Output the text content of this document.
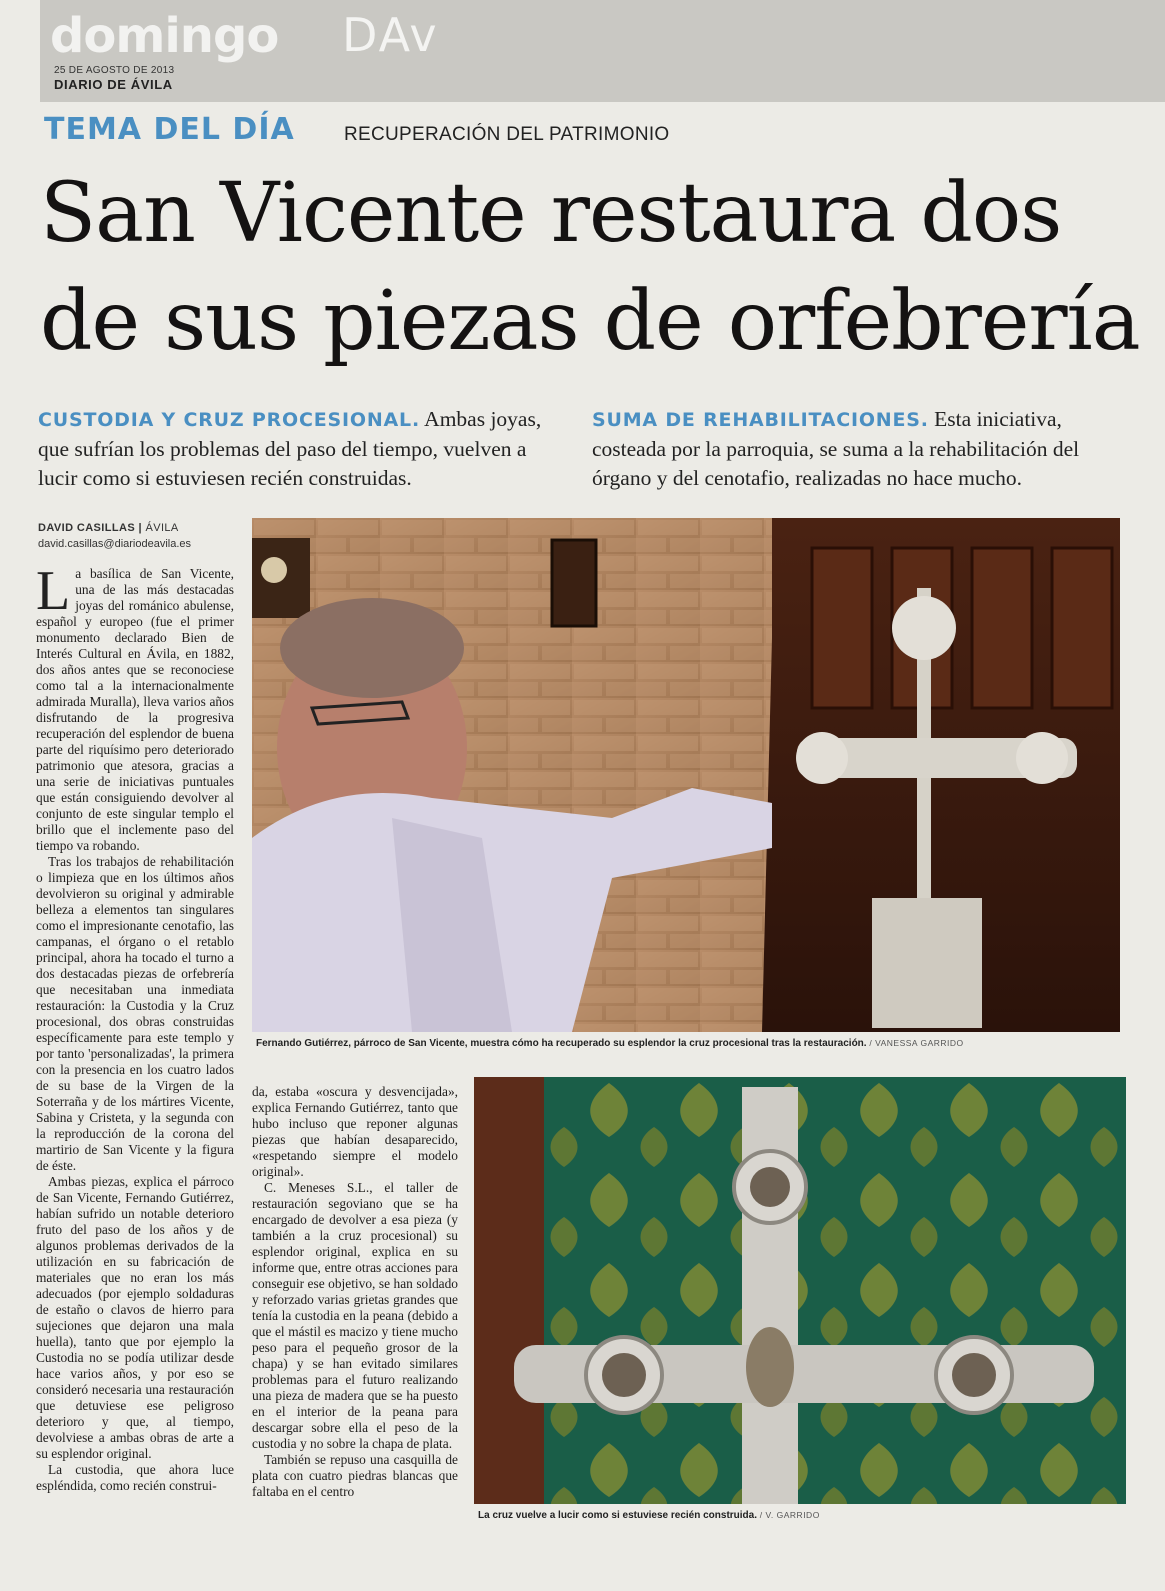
domingo DAv
25 DE AGOSTO DE 2013
DIARIO DE ÁVILA
TEMA DEL DÍA	RECUPERACIÓN DEL PATRIMONIO
San Vicente restaura dos
de sus piezas de orfebrería
CUSTODIA Y CRUZ PROCESIONAL. Ambas joyas, que sufrían los problemas del paso del tiempo, vuelven a lucir como si estuviesen recién construidas.
SUMA DE REHABILITACIONES. Esta iniciativa, costeada por la parroquia, se suma a la rehabilitación del órgano y del cenotafio, realizadas no hace mucho.
DAVID CASILLAS | ÁVILA
david.casillas@diariodeavila.es

La basílica de San Vicente, una de las más destacadas joyas del románico abulense, español y europeo (fue el primer monumento declarado Bien de Interés Cultural en Ávila, en 1882, dos años antes que se reconociese como tal a la internacionalmente admirada Muralla), lleva varios años disfrutando de la progresiva recuperación del esplendor de buena parte del riquísimo pero deteriorado patrimonio que atesora, gracias a una serie de iniciativas puntuales que están consiguiendo devolver al conjunto de este singular templo el brillo que el inclemente paso del tiempo va robando.

Tras los trabajos de rehabilitación o limpieza que en los últimos años devolvieron su original y admirable belleza a elementos tan singulares como el impresionante cenotafio, las campanas, el órgano o el retablo principal, ahora ha tocado el turno a dos destacadas piezas de orfebrería que necesitaban una inmediata restauración: la Custodia y la Cruz procesional, dos obras construidas específicamente para este templo y por tanto 'personalizadas', la primera con la presencia en los cuatro lados de su base de la Virgen de la Soterraña y de los mártires Vicente, Sabina y Cristeta, y la segunda con la reproducción de la corona del martirio de San Vicente y la figura de éste.

Ambas piezas, explica el párroco de San Vicente, Fernando Gutiérrez, habían sufrido un notable deterioro fruto del paso de los años y de algunos problemas derivados de la utilización en su fabricación de materiales que no eran los más adecuados (por ejemplo soldaduras de estaño o clavos de hierro para sujeciones que dejaron una mala huella), tanto que por ejemplo la Custodia no se podía utilizar desde hace varios años, y por eso se consideró necesaria una restauración que detuviese ese peligroso deterioro y que, al tiempo, devolviese a ambas obras de arte a su esplendor original.

La custodia, que ahora luce espléndida, como recién construi-

da, estaba «oscura y desvencijada», explica Fernando Gutiérrez, tanto que hubo incluso que reponer algunas piezas que habían desaparecido, «respetando siempre el modelo original».

C. Meneses S.L., el taller de restauración segoviano que se ha encargado de devolver a esa pieza (y también a la cruz procesional) su esplendor original, explica en su informe que, entre otras acciones para conseguir ese objetivo, se han soldado y reforzado varias grietas grandes que tenía la custodia en la peana (debido a que el mástil es macizo y tiene mucho peso para el pequeño grosor de la chapa) y se han evitado similares problemas para el futuro realizando una pieza de madera que se ha puesto en el interior de la peana para descargar sobre ella el peso de la custodia y no sobre la chapa de plata.

También se repuso una casquilla de plata con cuatro piedras blancas que faltaba en el centro

Fernando Gutiérrez, párroco de San Vicente, muestra cómo ha recuperado su esplendor la cruz procesional tras la restauración. / VANESSA GARRIDO
La cruz vuelve a lucir como si estuviese recién construida. / V. GARRIDO
